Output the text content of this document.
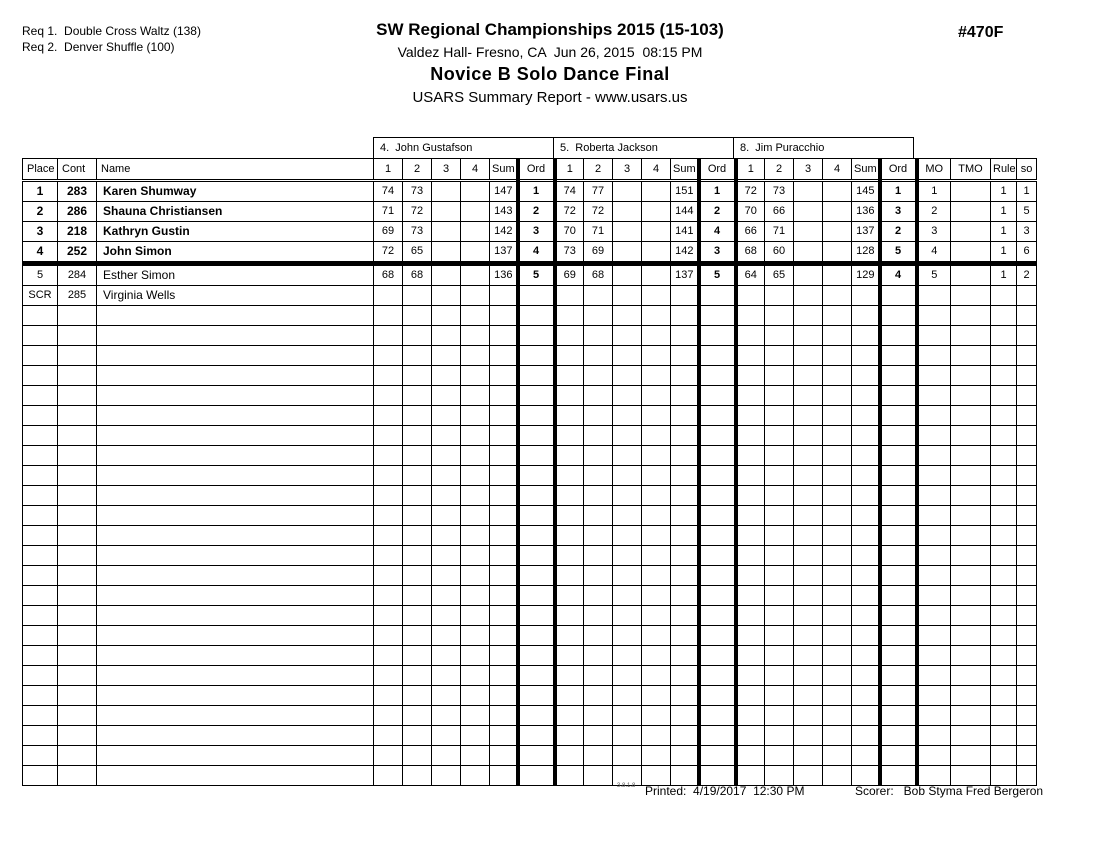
Req 1.  Double Cross Waltz (138)
Req 2.  Denver Shuffle (100)
SW Regional Championships 2015 (15-103)
Valdez Hall- Fresno, CA  Jun 26, 2015  08:15 PM
Novice B Solo Dance Final
USARS Summary Report - www.usars.us
#470F
4.  John Gustafson	5.  Roberta Jackson	8.  Jim Puracchio
Place	Cont	Name	1	2	3	4	Sum	Ord	1	2	3	4	Sum	Ord	1	2	3	4	Sum	Ord	MO	TMO	Rule	so
1	283	Karen Shumway	74	73			147	1	74	77			151	1	72	73			145	1	1		1	1
2	286	Shauna Christiansen	71	72			143	2	72	72			144	2	70	66			136	3	2		1	5
3	218	Kathryn Gustin	69	73			142	3	70	71			141	4	66	71			137	2	3		1	3
4	252	John Simon	72	65			137	4	73	69			142	3	68	60			128	5	4		1	6
5	284	Esther Simon	68	68			136	5	69	68			137	5	64	65			129	4	5		1	2
SCR	285	Virginia Wells																						

3.8.1.8 Printed:  4/19/2017  12:30 PM	Scorer:   Bob Styma Fred Bergeron
